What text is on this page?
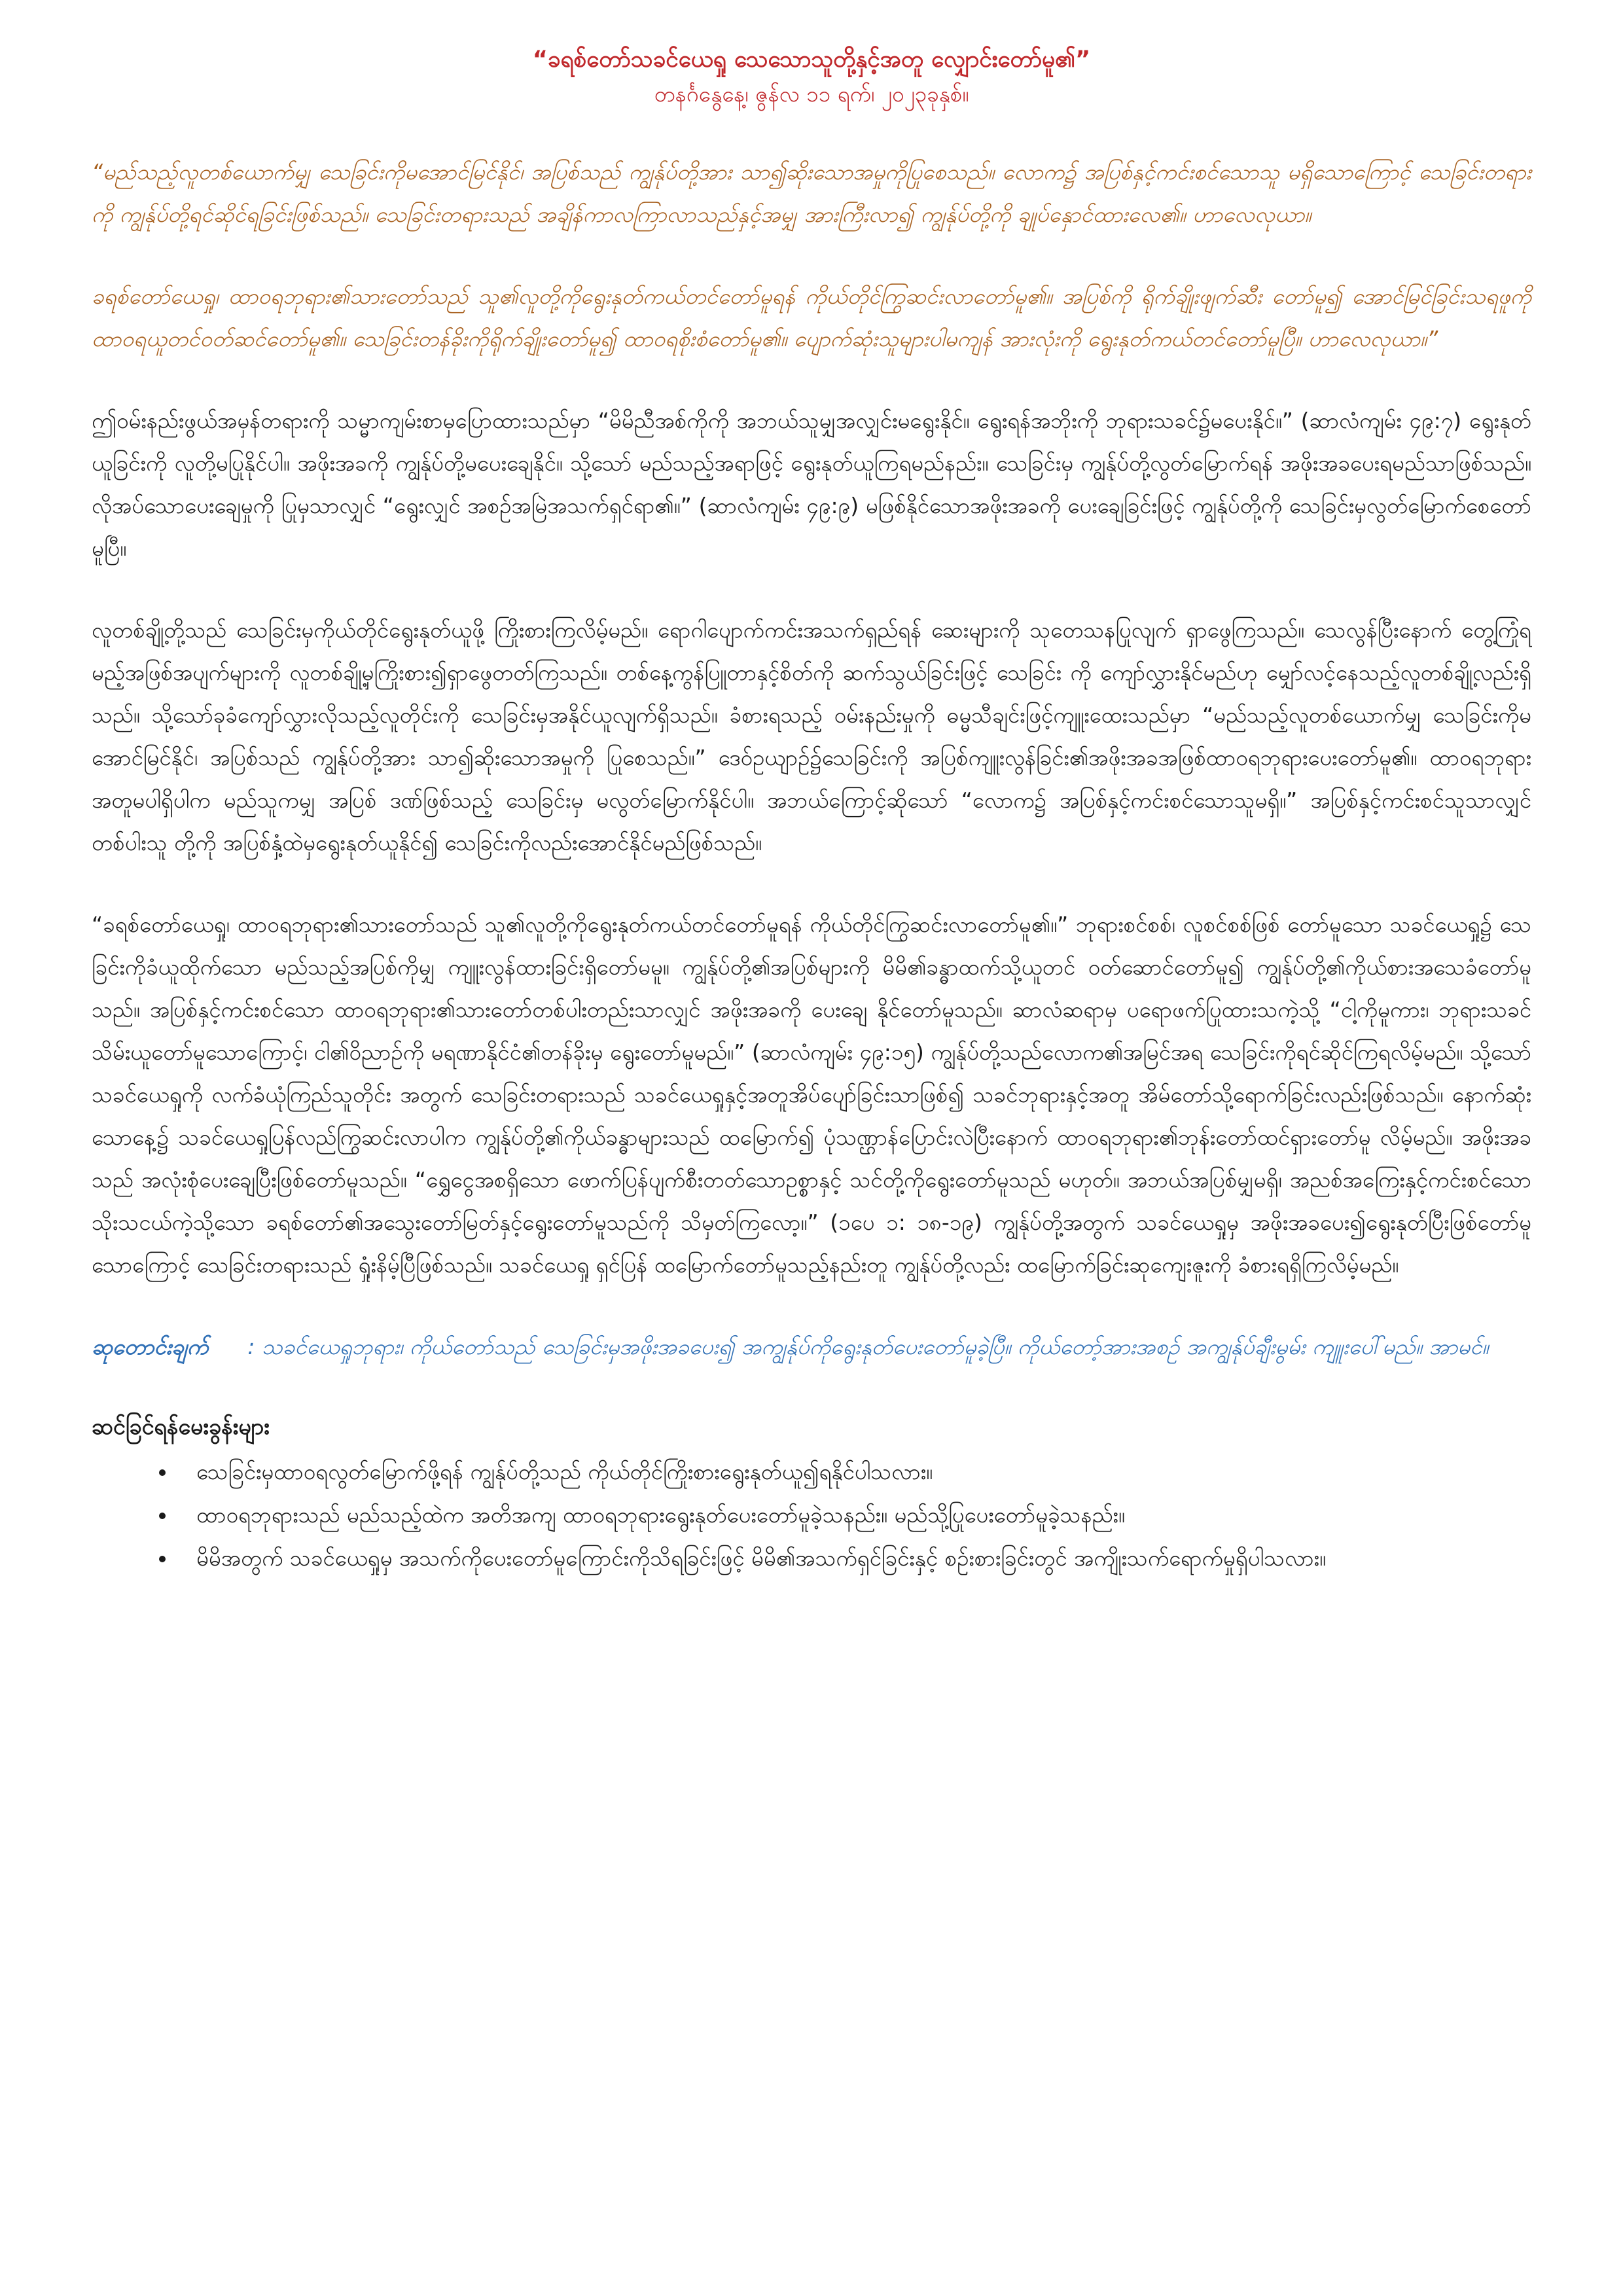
“ခရစ်တော်သခင်ယေရှု သေသောသူတို့နှင့်အတူ လျှောင်းတော်မူ၏”
တနင်္ဂနွေနေ့၊ ဇွန်လ ၁၁ ရက်၊ ၂၀၂၃ခုနှစ်။

“မည်သည့်လူတစ်ယောက်မျှ သေခြင်းကိုမအောင်မြင်နိုင်၊ အပြစ်သည် ကျွန်ုပ်တို့အား သာ၍ဆိုးသောအမှုကိုပြုစေသည်။ လောက၌ အပြစ်နှင့်ကင်းစင်သောသူ မရှိသောကြောင့် သေခြင်းတရားကို ကျွန်ုပ်တို့ရင်ဆိုင်ရခြင်းဖြစ်သည်။ သေခြင်းတရားသည် အချိန်ကာလကြာလာသည်နှင့်အမျှ အားကြီးလာ၍ ကျွန်ုပ်တို့ကို ချုပ်နှောင်ထားလေ၏။ ဟာလေလုယာ။

ခရစ်တော်ယေရှု၊ ထာဝရဘုရား၏သားတော်သည် သူ၏လူတို့ကိုရွေးနုတ်ကယ်တင်တော်မူရန် ကိုယ်တိုင်ကြွဆင်းလာတော်မူ၏။ အပြစ်ကို ရိုက်ချိုးဖျက်ဆီး တော်မူ၍ အောင်မြင်ခြင်းသရဖူကို ထာဝရယူတင်ဝတ်ဆင်တော်မူ၏။ သေခြင်းတန်ခိုးကိုရိုက်ချိုးတော်မူ၍ ထာဝရစိုးစံတော်မူ၏။ ပျောက်ဆုံးသူများပါမကျန် အားလုံးကို ရွေးနုတ်ကယ်တင်တော်မူပြီ။ ဟာလေလုယာ။”

ဤဝမ်းနည်းဖွယ်အမှန်တရားကို သမ္မာကျမ်းစာမှပြောထားသည်မှာ “မိမိညီအစ်ကိုကို အဘယ်သူမျှအလျှင်းမရွေးနိုင်။ ရွေးရန်အဘိုးကို ဘုရားသခင်၌မပေးနိုင်။” (ဆာလံကျမ်း ၄၉:၇) ရွေးနုတ်ယူခြင်းကို လူတို့မပြုနိုင်ပါ။ အဖိုးအခကို ကျွန်ုပ်တို့မပေးချေနိုင်။ သို့သော် မည်သည့်အရာဖြင့် ရွေးနုတ်ယူကြရမည်နည်း။ သေခြင်းမှ ကျွန်ုပ်တို့လွတ်မြောက်ရန် အဖိုးအခပေးရမည်သာဖြစ်သည်။ လိုအပ်သောပေးချေမှုကို ပြုမှသာလျှင် “ရွေးလျှင် အစဉ်အမြဲအသက်ရှင်ရာ၏။” (ဆာလံကျမ်း ၄၉:၉) မဖြစ်နိုင်သောအဖိုးအခကို ပေးချေခြင်းဖြင့် ကျွန်ုပ်တို့ကို သေခြင်းမှလွတ်မြောက်စေတော်မူပြီ။

လူတစ်ချို့တို့သည် သေခြင်းမှကိုယ်တိုင်ရွေးနုတ်ယူဖို့ ကြိုးစားကြလိမ့်မည်။ ရောဂါပျောက်ကင်းအသက်ရှည်ရန် ဆေးများကို သုတေသနပြုလျက် ရှာဖွေကြသည်။ သေလွန်ပြီးနောက် တွေ့ကြုံရမည့်အဖြစ်အပျက်များကို လူတစ်ချို့မှကြိုးစား၍ရှာဖွေတတ်ကြသည်။ တစ်နေ့ကွန်ပြူတာနှင့်စိတ်ကို ဆက်သွယ်ခြင်းဖြင့် သေခြင်း ကို ကျော်လွှားနိုင်မည်ဟု မျှော်လင့်နေသည့်လူတစ်ချို့လည်းရှိသည်။ သို့သော်ခုခံကျော်လွှားလိုသည့်လူတိုင်းကို သေခြင်းမှအနိုင်ယူလျက်ရှိသည်။ ခံစားရသည့် ဝမ်းနည်းမှုကို ဓမ္မသီချင်းဖြင့်ကျူးထေးသည်မှာ “မည်သည့်လူတစ်ယောက်မျှ သေခြင်းကိုမအောင်မြင်နိုင်၊ အပြစ်သည် ကျွန်ုပ်တို့အား သာ၍ဆိုးသောအမှုကို ပြုစေသည်။” ဒေဝ်ဥယျာဉ်၌သေခြင်းကို အပြစ်ကျူးလွန်ခြင်း၏အဖိုးအခအဖြစ်ထာဝရဘုရားပေးတော်မူ၏။ ထာဝရဘုရားအတူမပါရှိပါက မည်သူကမျှ အပြစ် ဒဏ်ဖြစ်သည့် သေခြင်းမှ မလွတ်မြောက်နိုင်ပါ။ အဘယ်ကြောင့်ဆိုသော် “လောက၌ အပြစ်နှင့်ကင်းစင်သောသူမရှိ။” အပြစ်နှင့်ကင်းစင်သူသာလျှင် တစ်ပါးသူ တို့ကို အပြစ်နှံ့ထဲမှရွေးနုတ်ယူနိုင်၍ သေခြင်းကိုလည်းအောင်နိုင်မည်ဖြစ်သည်။

“ခရစ်တော်ယေရှု၊ ထာဝရဘုရား၏သားတော်သည် သူ၏လူတို့ကိုရွေးနုတ်ကယ်တင်တော်မူရန် ကိုယ်တိုင်ကြွဆင်းလာတော်မူ၏။” ဘုရားစင်စစ်၊ လူစင်စစ်ဖြစ် တော်မူသော သခင်ယေရှု၌ သေခြင်းကိုခံယူထိုက်သော မည်သည့်အပြစ်ကိုမျှ ကျူးလွန်ထားခြင်းရှိတော်မမူ။ ကျွန်ုပ်တို့၏အပြစ်များကို မိမိ၏ခန္ဓာထက်သို့ယူတင် ဝတ်ဆောင်တော်မူ၍ ကျွန်ုပ်တို့၏ကိုယ်စားအသေခံတော်မူသည်။ အပြစ်နှင့်ကင်းစင်သော ထာဝရဘုရား၏သားတော်တစ်ပါးတည်းသာလျှင် အဖိုးအခကို ပေးချေ နိုင်တော်မူသည်။ ဆာလံဆရာမှ ပရောဖက်ပြုထားသကဲ့သို့ “ငါ့ကိုမူကား၊ ဘုရားသခင်သိမ်းယူတော်မူသောကြောင့်၊ ငါ၏ဝိညာဉ်ကို မရဏာနိုင်ငံ၏တန်ခိုးမှ ရွေးတော်မူမည်။” (ဆာလံကျမ်း ၄၉:၁၅) ကျွန်ုပ်တို့သည်လောက၏အမြင်အရ သေခြင်းကိုရင်ဆိုင်ကြရလိမ့်မည်။ သို့သော် သခင်ယေရှုကို လက်ခံယုံကြည်သူတိုင်း အတွက် သေခြင်းတရားသည် သခင်ယေရှုနှင့်အတူအိပ်ပျော်ခြင်းသာဖြစ်၍ သခင်ဘုရားနှင့်အတူ အိမ်တော်သို့ရောက်ခြင်းလည်းဖြစ်သည်။ နောက်ဆုံးသောနေ့၌ သခင်ယေရှုပြန်လည်ကြွဆင်းလာပါက ကျွန်ုပ်တို့၏ကိုယ်ခန္ဓာများသည် ထမြောက်၍ ပုံသဏ္ဌာန်ပြောင်းလဲပြီးနောက် ထာဝရဘုရား၏ဘုန်းတော်ထင်ရှားတော်မူ လိမ့်မည်။ အဖိုးအခသည် အလုံးစုံပေးချေပြီးဖြစ်တော်မူသည်။ “ရွှေငွေအစရှိသော ဖောက်ပြန်ပျက်စီးတတ်သောဥစ္စာနှင့် သင်တို့ကိုရွေးတော်မူသည် မဟုတ်။ အဘယ်အပြစ်မျှမရှိ၊ အညစ်အကြေးနှင့်ကင်းစင်သောသိုးသငယ်ကဲ့သို့သော ခရစ်တော်၏အသွေးတော်မြတ်နှင့်ရွေးတော်မူသည်ကို သိမှတ်ကြလော့။” (၁ပေ ၁: ၁၈-၁၉) ကျွန်ုပ်တို့အတွက် သခင်ယေရှုမှ အဖိုးအခပေး၍ရွေးနုတ်ပြီးဖြစ်တော်မူသောကြောင့် သေခြင်းတရားသည် ရှုံးနိမ့်ပြီဖြစ်သည်။ သခင်ယေရှု ရှင်ပြန် ထမြောက်တော်မူသည့်နည်းတူ ကျွန်ုပ်တို့လည်း ထမြောက်ခြင်းဆုကျေးဇူးကို ခံစားရရှိကြလိမ့်မည်။

ဆုတောင်းချက် : သခင်ယေရှုဘုရား၊ ကိုယ်တော်သည် သေခြင်းမှအဖိုးအခပေး၍ အကျွန်ုပ်ကိုရွေးနုတ်ပေးတော်မူခဲ့ပြီ။ ကိုယ်တော့်အားအစဉ် အကျွန်ုပ်ချီးမွမ်း ကျူးပေါ်မည်။ အာမင်။

ဆင်ခြင်ရန်မေးခွန်းများ
• သေခြင်းမှထာဝရလွတ်မြောက်ဖို့ရန် ကျွန်ုပ်တို့သည် ကိုယ်တိုင်ကြိုးစားရွေးနုတ်ယူ၍ရနိုင်ပါသလား။
• ထာဝရဘုရားသည် မည်သည့်ထဲက အတိအကျ ထာဝရဘုရားရွေးနုတ်ပေးတော်မူခဲ့သနည်း။ မည်သို့ပြုပေးတော်မူခဲ့သနည်း။
• မိမိအတွက် သခင်ယေရှုမှ အသက်ကိုပေးတော်မူကြောင်းကိုသိရခြင်းဖြင့် မိမိ၏အသက်ရှင်ခြင်းနှင့် စဉ်းစားခြင်းတွင် အကျိုးသက်ရောက်မှုရှိပါသလား။
